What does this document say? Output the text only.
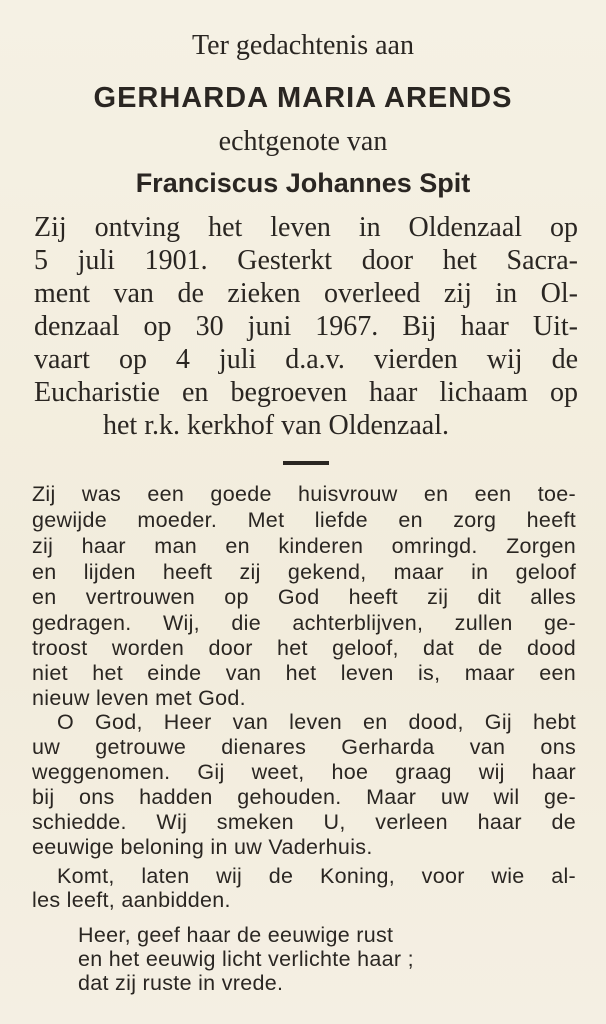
Ter gedachtenis aan
GERHARDA MARIA ARENDS
echtgenote van
Franciscus Johannes Spit
Zij ontving het leven in Oldenzaal op
5 juli 1901. Gesterkt door het Sacra-
ment van de zieken overleed zij in Ol-
denzaal op 30 juni 1967. Bij haar Uit-
vaart op 4 juli d.a.v. vierden wij de
Eucharistie en begroeven haar lichaam op
het r.k. kerkhof van Oldenzaal.
Zij was een goede huisvrouw en een toe-
gewijde moeder. Met liefde en zorg heeft
zij haar man en kinderen omringd. Zorgen
en lijden heeft zij gekend, maar in geloof
en vertrouwen op God heeft zij dit alles
gedragen. Wij, die achterblijven, zullen ge-
troost worden door het geloof, dat de dood
niet het einde van het leven is, maar een
nieuw leven met God.
O God, Heer van leven en dood, Gij hebt
uw getrouwe dienares Gerharda van ons
weggenomen. Gij weet, hoe graag wij haar
bij ons hadden gehouden. Maar uw wil ge-
schiedde. Wij smeken U, verleen haar de
eeuwige beloning in uw Vaderhuis.
Komt, laten wij de Koning, voor wie al-
les leeft, aanbidden.
Heer, geef haar de eeuwige rust
en het eeuwig licht verlichte haar ;
dat zij ruste in vrede.
